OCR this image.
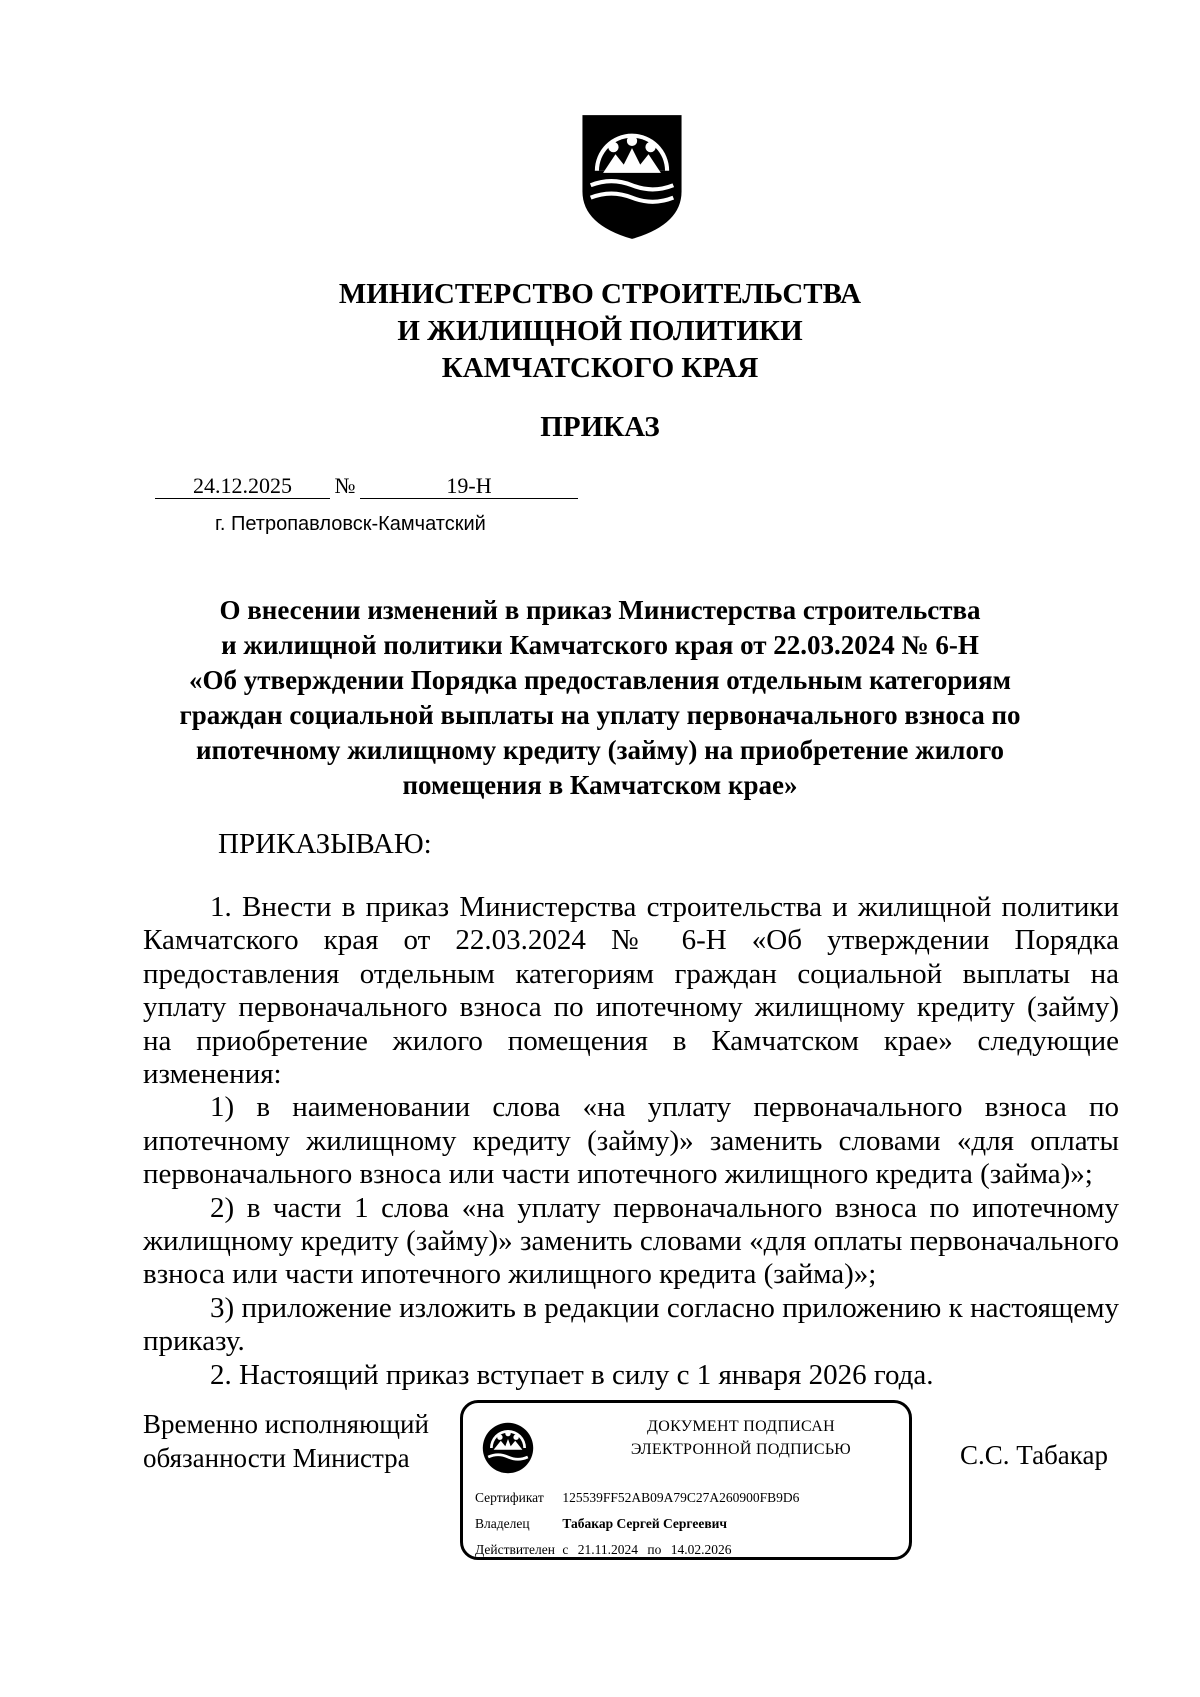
МИНИСТЕРСТВО СТРОИТЕЛЬСТВА
И ЖИЛИЩНОЙ ПОЛИТИКИ
КАМЧАТСКОГО КРАЯ
ПРИКАЗ
24.12.2025	№	19-Н
г. Петропавловск-Камчатский
О внесении изменений в приказ Министерства строительства
и жилищной политики Камчатского края от 22.03.2024 № 6-Н
«Об утверждении Порядка предоставления отдельным категориям
граждан социальной выплаты на уплату первоначального взноса по
ипотечному жилищному кредиту (займу) на приобретение жилого
помещения в Камчатском крае»
ПРИКАЗЫВАЮ:

1. Внести в приказ Министерства строительства и жилищной политики Камчатского края от 22.03.2024 № 6-Н «Об утверждении Порядка предоставления отдельным категориям граждан социальной выплаты на уплату первоначального взноса по ипотечному жилищному кредиту (займу) на приобретение жилого помещения в Камчатском крае» следующие изменения:

1) в наименовании слова «на уплату первоначального взноса по ипотечному жилищному кредиту (займу)» заменить словами «для оплаты первоначального взноса или части ипотечного жилищного кредита (займа)»;

2) в части 1 слова «на уплату первоначального взноса по ипотечному жилищному кредиту (займу)» заменить словами «для оплаты первоначального взноса или части ипотечного жилищного кредита (займа)»;

3) приложение изложить в редакции согласно приложению к настоящему приказу.

2. Настоящий приказ вступает в силу с 1 января 2026 года.

Временно исполняющий
обязанности Министра
ДОКУМЕНТ ПОДПИСАН
ЭЛЕКТРОННОЙ ПОДПИСЬЮ
Сертификат 125539FF52AB09A79C27A260900FB9D6
Владелец Табакар Сергей Сергеевич
Действителен с 21.11.2024 по 14.02.2026
С.С. Табакар
